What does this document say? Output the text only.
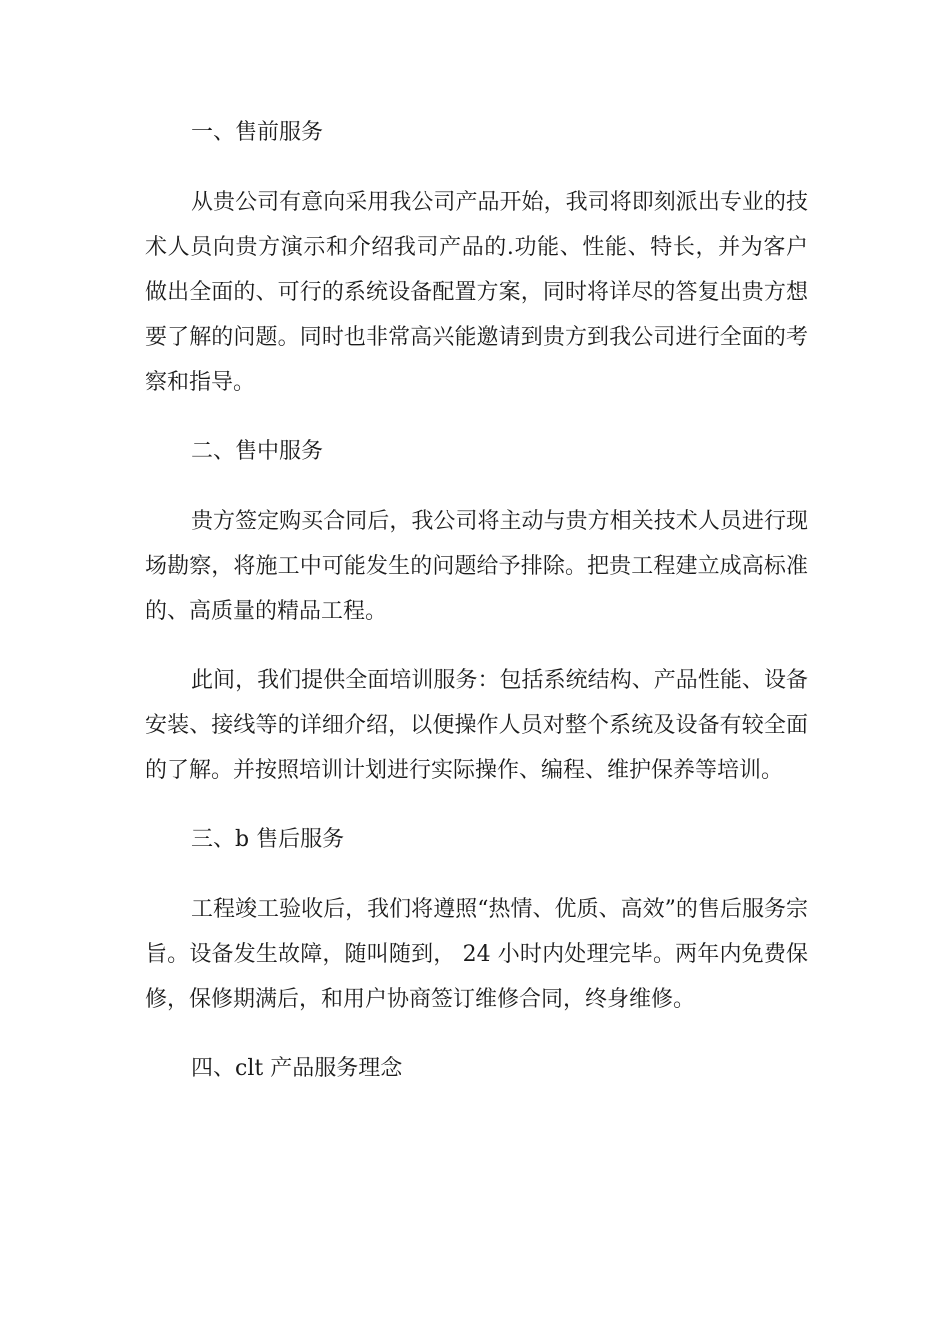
一、售前服务
从贵公司有意向采用我公司产品开始，我司将即刻派出专业的技术人员向贵方演示和介绍我司产品的.功能、性能、特长，并为客户做出全面的、可行的系统设备配置方案，同时将详尽的答复出贵方想要了解的问题。同时也非常高兴能邀请到贵方到我公司进行全面的考察和指导。
二、售中服务
贵方签定购买合同后，我公司将主动与贵方相关技术人员进行现场勘察，将施工中可能发生的问题给予排除。把贵工程建立成高标准的、高质量的精品工程。
此间，我们提供全面培训服务：包括系统结构、产品性能、设备安装、接线等的详细介绍，以便操作人员对整个系统及设备有较全面的了解。并按照培训计划进行实际操作、编程、维护保养等培训。
三、b 售后服务
工程竣工验收后，我们将遵照“热情、优质、高效”的售后服务宗旨。设备发生故障，随叫随到， 24 小时内处理完毕。两年内免费保修，保修期满后，和用户协商签订维修合同，终身维修。
四、clt 产品服务理念
